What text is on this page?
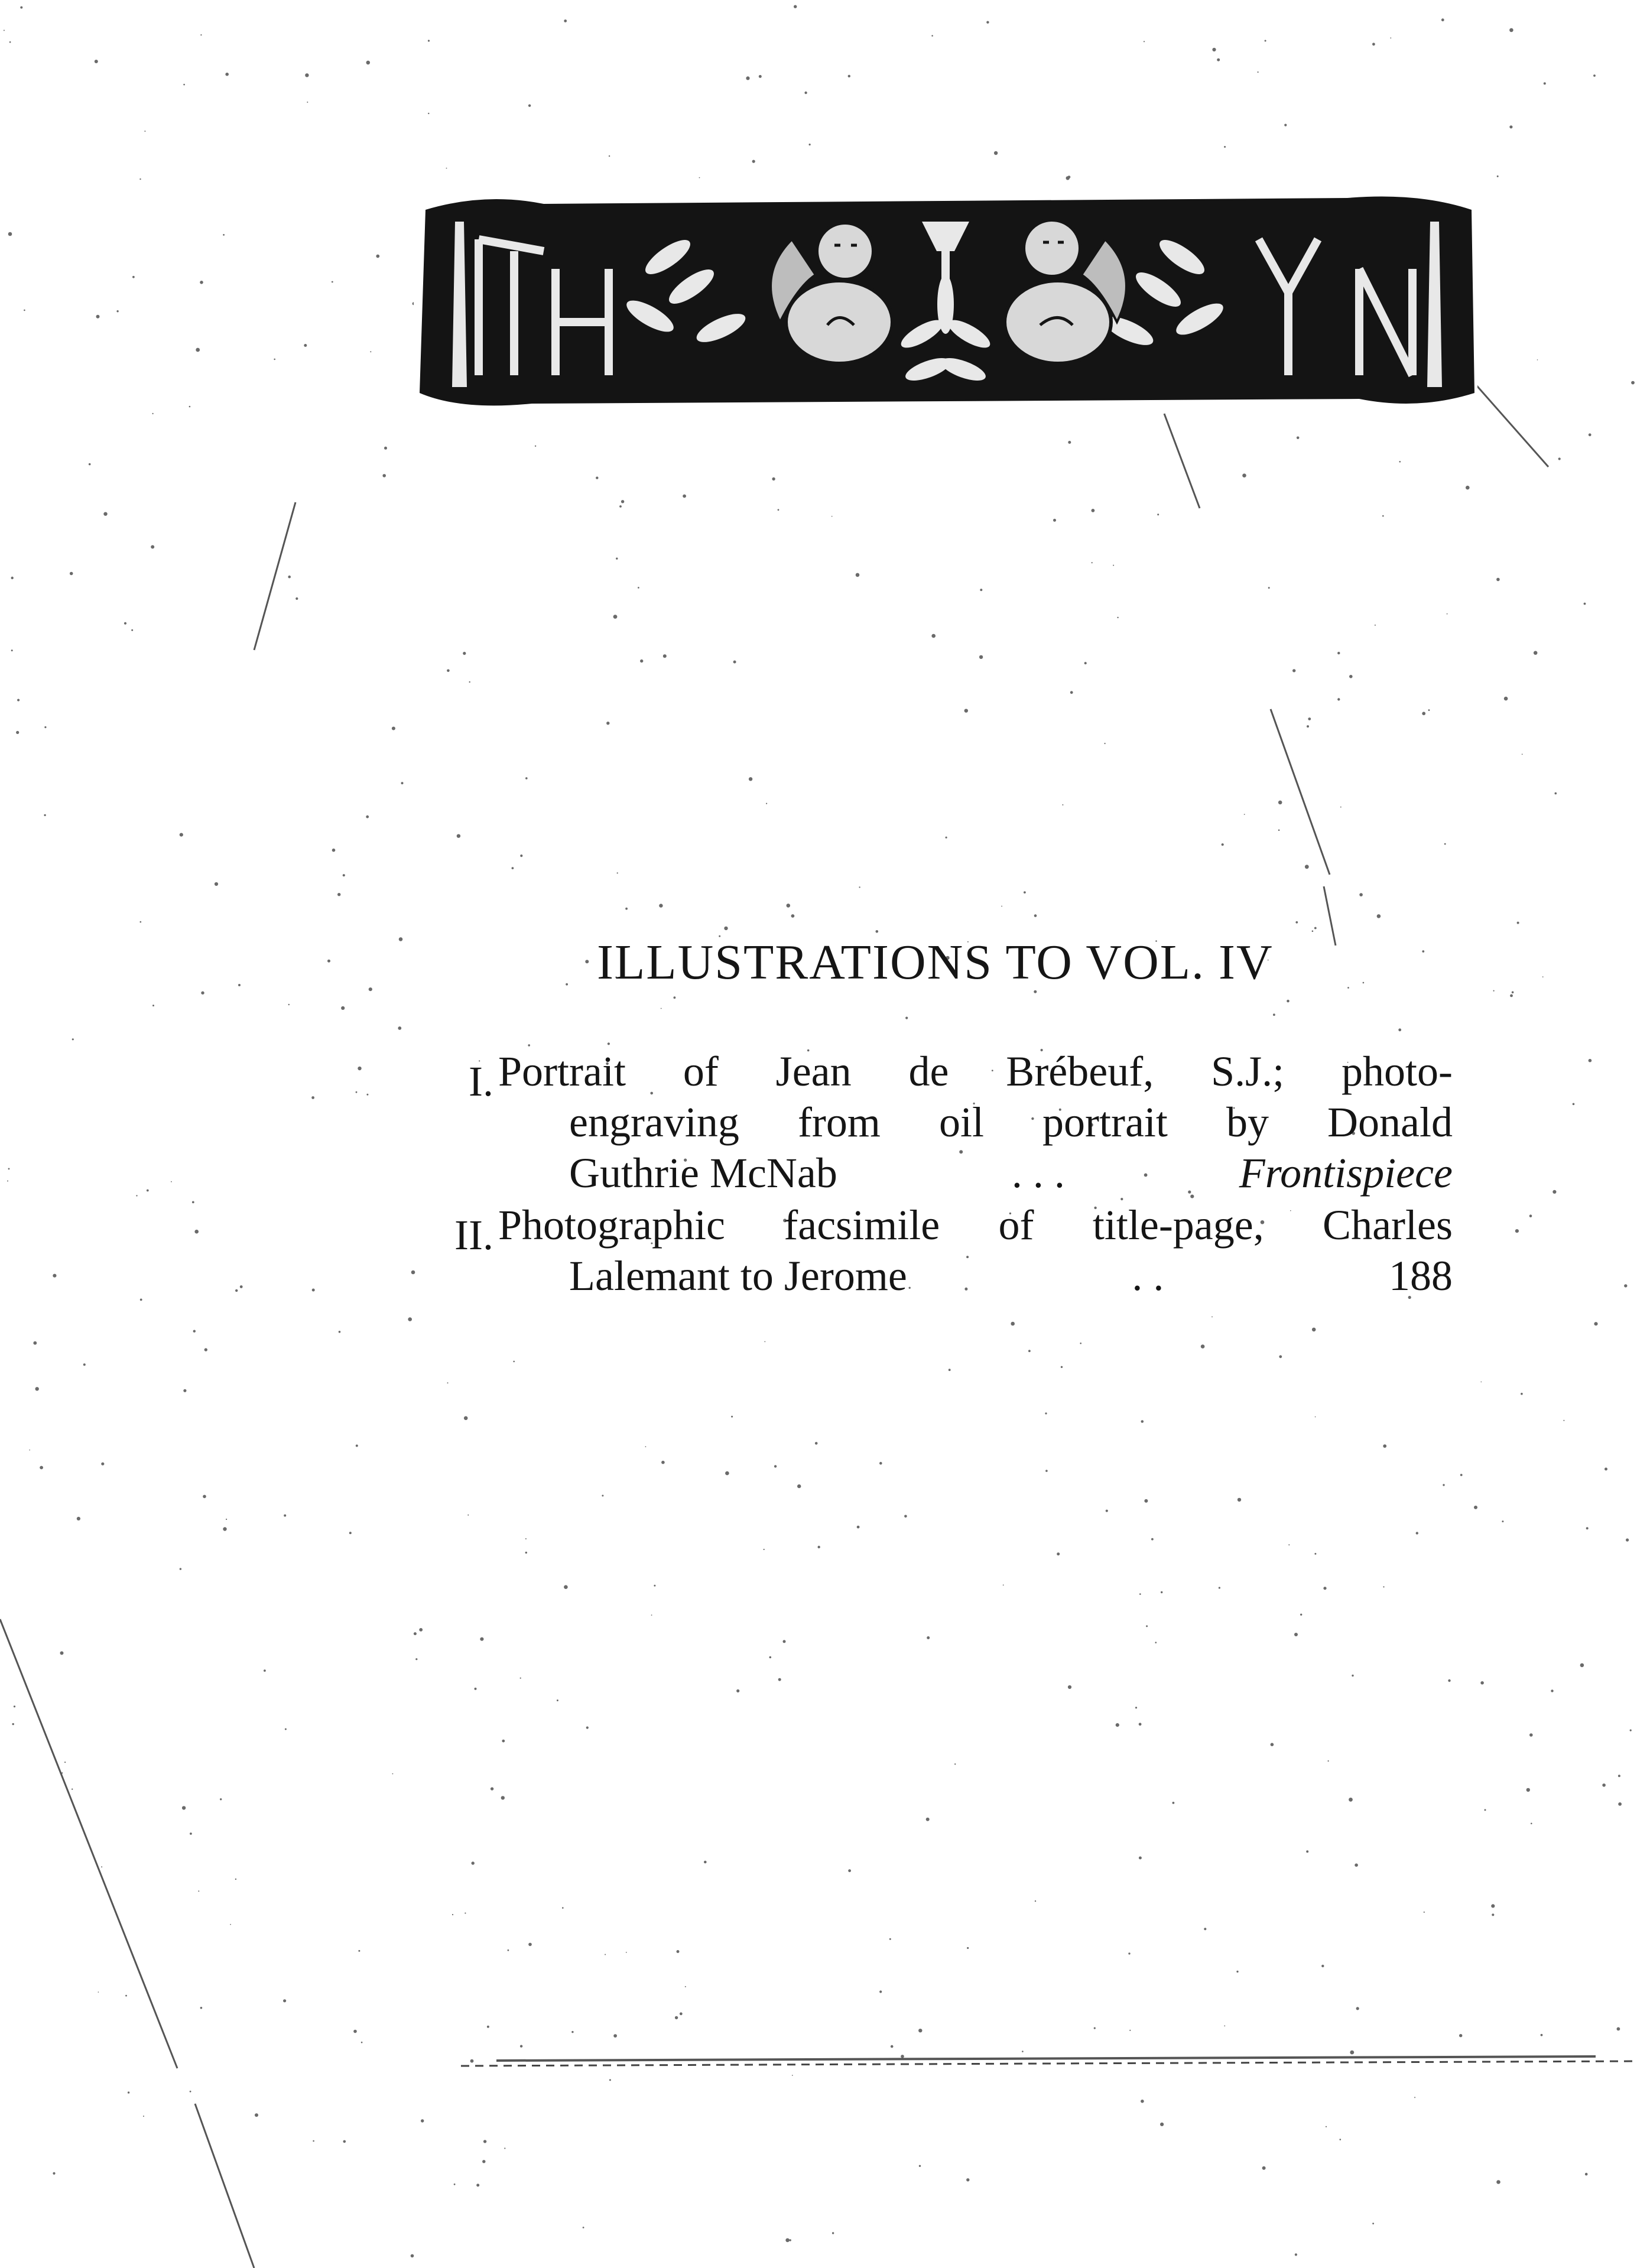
ILLUSTRATIONS TO VOL. IV
I. Portrait of Jean de Brébeuf, S.J.; photo-
engraving from oil portrait by Donald
Guthrie McNab	. . .	Frontispiece
II. Photographic facsimile of title-page, Charles
Lalemant to Jerome	. .	188
